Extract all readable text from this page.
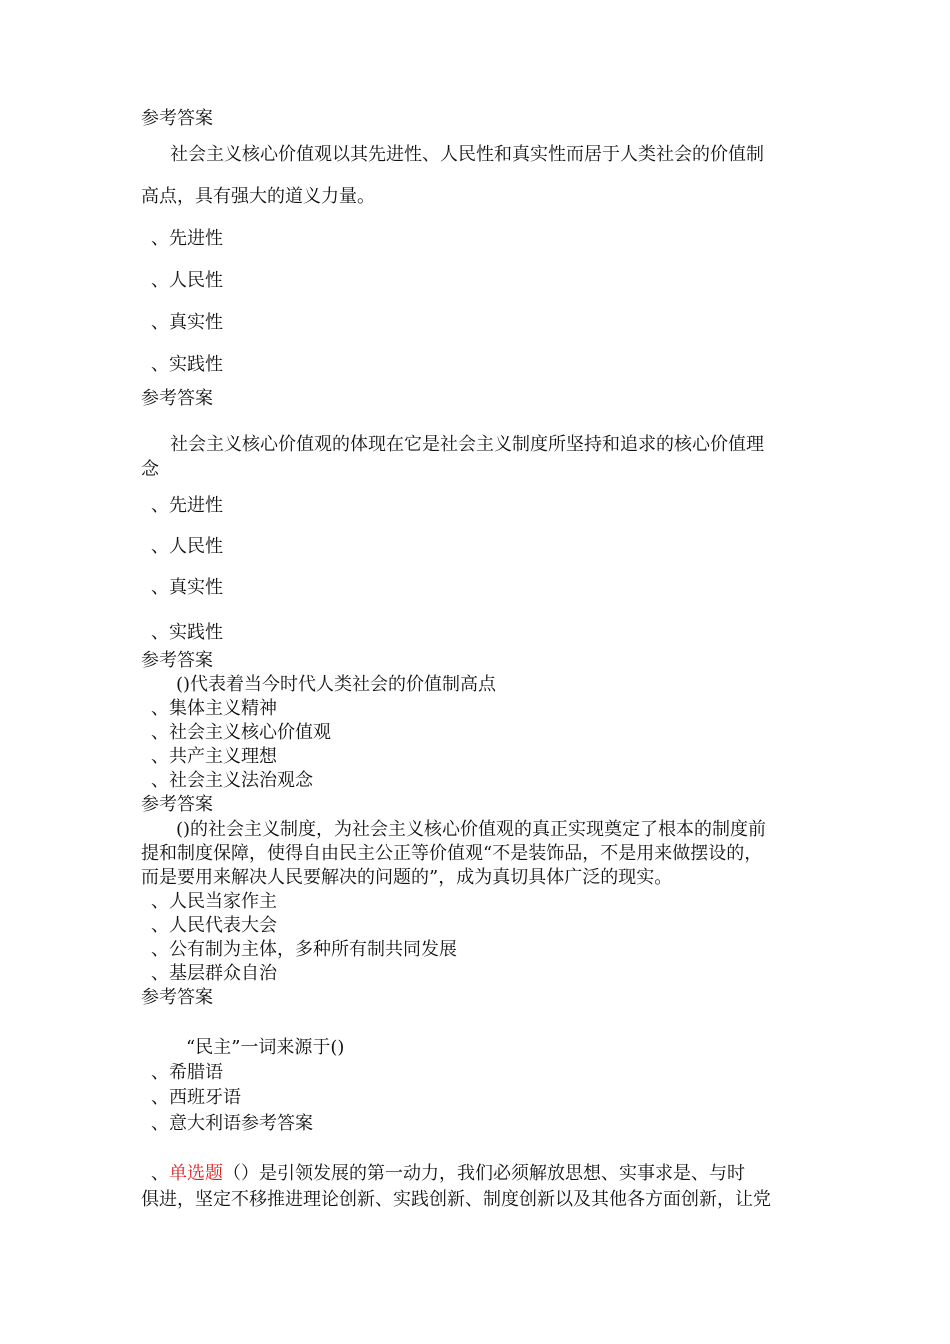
参考答案

社会主义核心价值观以其先进性、人民性和真实性而居于人类社会的价值制

高点，具有强大的道义力量。

、先进性

、人民性

、真实性

、实践性

参考答案

社会主义核心价值观的体现在它是社会主义制度所坚持和追求的核心价值理

念

、先进性

、人民性

、真实性

、实践性

参考答案

()代表着当今时代人类社会的价值制高点

、集体主义精神

、社会主义核心价值观

、共产主义理想

、社会主义法治观念

参考答案

()的社会主义制度，为社会主义核心价值观的真正实现奠定了根本的制度前

提和制度保障，使得自由民主公正等价值观“不是装饰品，不是用来做摆设的，

而是要用来解决人民要解决的问题的”，成为真切具体广泛的现实。

、人民当家作主

、人民代表大会

、公有制为主体，多种所有制共同发展

、基层群众自治

参考答案

“民主”一词来源于()

、希腊语

、西班牙语

、意大利语参考答案

、单选题（）是引领发展的第一动力，我们必须解放思想、实事求是、与时

俱进，坚定不移推进理论创新、实践创新、制度创新以及其他各方面创新，让党
